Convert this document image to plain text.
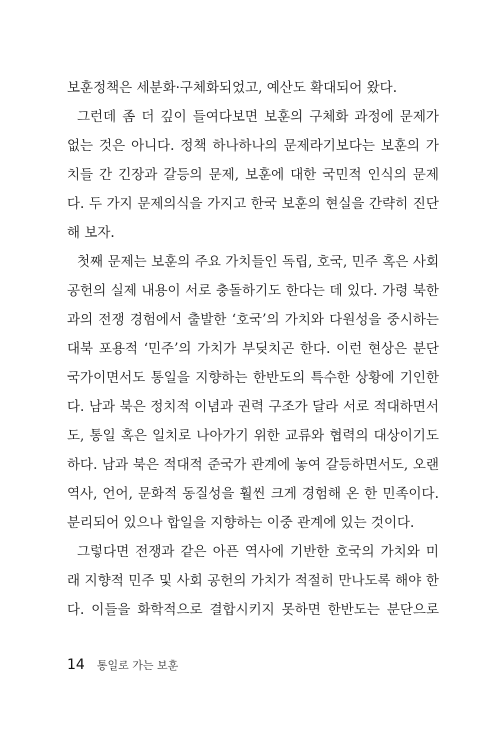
보훈정책은 세분화·구체화되었고, 예산도 확대되어 왔다.
그런데 좀 더 깊이 들여다보면 보훈의 구체화 과정에 문제가
없는 것은 아니다. 정책 하나하나의 문제라기보다는 보훈의 가
치들 간 긴장과 갈등의 문제, 보훈에 대한 국민적 인식의 문제
다. 두 가지 문제의식을 가지고 한국 보훈의 현실을 간략히 진단
해 보자.
첫째 문제는 보훈의 주요 가치들인 독립, 호국, 민주 혹은 사회
공헌의 실제 내용이 서로 충돌하기도 한다는 데 있다. 가령 북한
과의 전쟁 경험에서 출발한 ‘호국’의 가치와 다원성을 중시하는
대북 포용적 ‘민주’의 가치가 부딪치곤 한다. 이런 현상은 분단
국가이면서도 통일을 지향하는 한반도의 특수한 상황에 기인한
다. 남과 북은 정치적 이념과 권력 구조가 달라 서로 적대하면서
도, 통일 혹은 일치로 나아가기 위한 교류와 협력의 대상이기도
하다. 남과 북은 적대적 준국가 관계에 놓여 갈등하면서도, 오랜
역사, 언어, 문화적 동질성을 훨씬 크게 경험해 온 한 민족이다.
분리되어 있으나 합일을 지향하는 이중 관계에 있는 것이다.
그렇다면 전쟁과 같은 아픈 역사에 기반한 호국의 가치와 미
래 지향적 민주 및 사회 공헌의 가치가 적절히 만나도록 해야 한
다. 이들을 화학적으로 결합시키지 못하면 한반도는 분단으로
14 통일로 가는 보훈
